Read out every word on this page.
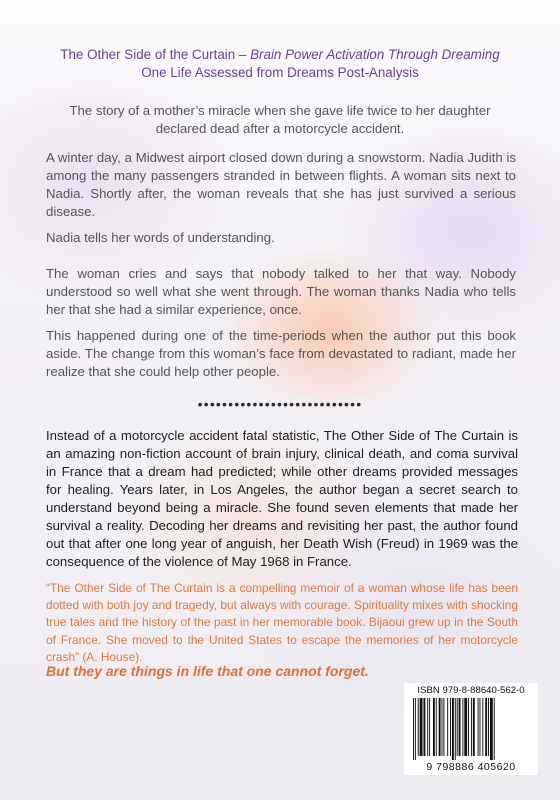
The Other Side of the Curtain – Brain Power Activation Through Dreaming
One Life Assessed from Dreams Post-Analysis
The story of a mother’s miracle when she gave life twice to her daughter declared dead after a motorcycle accident.
A winter day, a Midwest airport closed down during a snowstorm. Nadia Judith is among the many passengers stranded in between flights. A woman sits next to Nadia. Shortly after, the woman reveals that she has just survived a serious disease.
Nadia tells her words of understanding.
The woman cries and says that nobody talked to her that way. Nobody understood so well what she went through. The woman thanks Nadia who tells her that she had a similar experience, once.
This happened during one of the time-periods when the author put this book aside. The change from this woman’s face from devastated to radiant, made her realize that she could help other people.
•••••••••••••••••••••••••••
Instead of a motorcycle accident fatal statistic, The Other Side of The Curtain is an amazing non-fiction account of brain injury, clinical death, and coma survival in France that a dream had predicted; while other dreams provided messages for healing. Years later, in Los Angeles, the author began a secret search to understand beyond being a miracle. She found seven elements that made her survival a reality. Decoding her dreams and revisiting her past, the author found out that after one long year of anguish, her Death Wish (Freud) in 1969 was the consequence of the violence of May 1968 in France.
“The Other Side of The Curtain is a compelling memoir of a woman whose life has been dotted with both joy and tragedy, but always with courage. Spirituality mixes with shocking true tales and the history of the past in her memorable book. Bijaoui grew up in the South of France. She moved to the United States to escape the memories of her motorcycle crash” (A. House).
But they are things in life that one cannot forget.
ISBN 979-8-88640-562-0
9 798886 405620
